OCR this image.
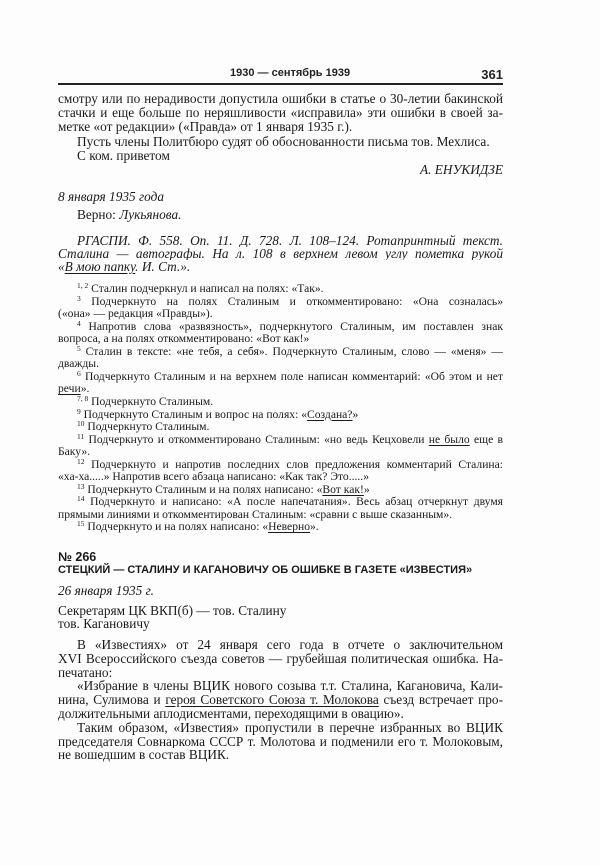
1930 — сентябрь 1939	361
смотру или по нерадивости допустила ошибки в статье о 30-летии бакинской
стачки и еще больше по неряшливости «исправила» эти ошибки в своей за-
метке «от редакции» («Правда» от 1 января 1935 г.).
Пусть члены Политбюро судят об обоснованности письма тов. Мехлиса.
С ком. приветом
А. ЕНУКИДЗЕ
8 января 1935 года
Верно: Лукьянова.
РГАСПИ. Ф. 558. Оп. 11. Д. 728. Л. 108–124. Ротапринтный текст.
Сталина — автографы. На л. 108 в верхнем левом углу пометка рукой
«В мою папку. И. Ст.».
$^{1, 2}$ Сталин подчеркнул и написал на полях: «Так».
$^3$ Подчеркнуто на полях Сталиным и откомментировано: «Она созналась»
(«она» — редакция «Правды»).
$^4$ Напротив слова «развязность», подчеркнутого Сталиным, им поставлен знак
вопроса, а на полях откомментировано: «Вот как!»
$^5$ Сталин в тексте: «не тебя, а себя». Подчеркнуто Сталиным, слово — «меня» —
дважды.
$^6$ Подчеркнуто Сталиным и на верхнем поле написан комментарий: «Об этом и нет
речи».
$^{7, 8}$ Подчеркнуто Сталиным.
$^9$ Подчеркнуто Сталиным и вопрос на полях: «Создана?»
$^{10}$ Подчеркнуто Сталиным.
$^{11}$ Подчеркнуто и откомментировано Сталиным: «но ведь Кецховели не было еще в
Баку».
$^{12}$ Подчеркнуто и напротив последних слов предложения комментарий Сталина:
«ха-ха.....» Напротив всего абзаца написано: «Как так? Это.....»
$^{13}$ Подчеркнуто Сталиным и на полях написано: «Вот как!»
$^{14}$ Подчеркнуто и написано: «А после напечатания». Весь абзац отчеркнут двумя
прямыми линиями и откомментирован Сталиным: «сравни с выше сказанным».
$^{15}$ Подчеркнуто и на полях написано: «Неверно».
№ 266
СТЕЦКИЙ — СТАЛИНУ И КАГАНОВИЧУ ОБ ОШИБКЕ В ГАЗЕТЕ «ИЗВЕСТИЯ»
26 января 1935 г.
Секретарям ЦК ВКП(б) — тов. Сталину
тов. Кагановичу
В «Известиях» от 24 января сего года в отчете о заключительном
XVI Всероссийского съезда советов — грубейшая политическая ошибка. На-
печатано:
«Избрание в члены ВЦИК нового созыва т.т. Сталина, Кагановича, Кали-
нина, Сулимова и героя Советского Союза т. Молокова съезд встречает про-
должительными аплодисментами, переходящими в овацию».
Таким образом, «Известия» пропустили в перечне избранных во ВЦИК
председателя Совнаркома СССР т. Молотова и подменили его т. Молоковым,
не вошедшим в состав ВЦИК.
